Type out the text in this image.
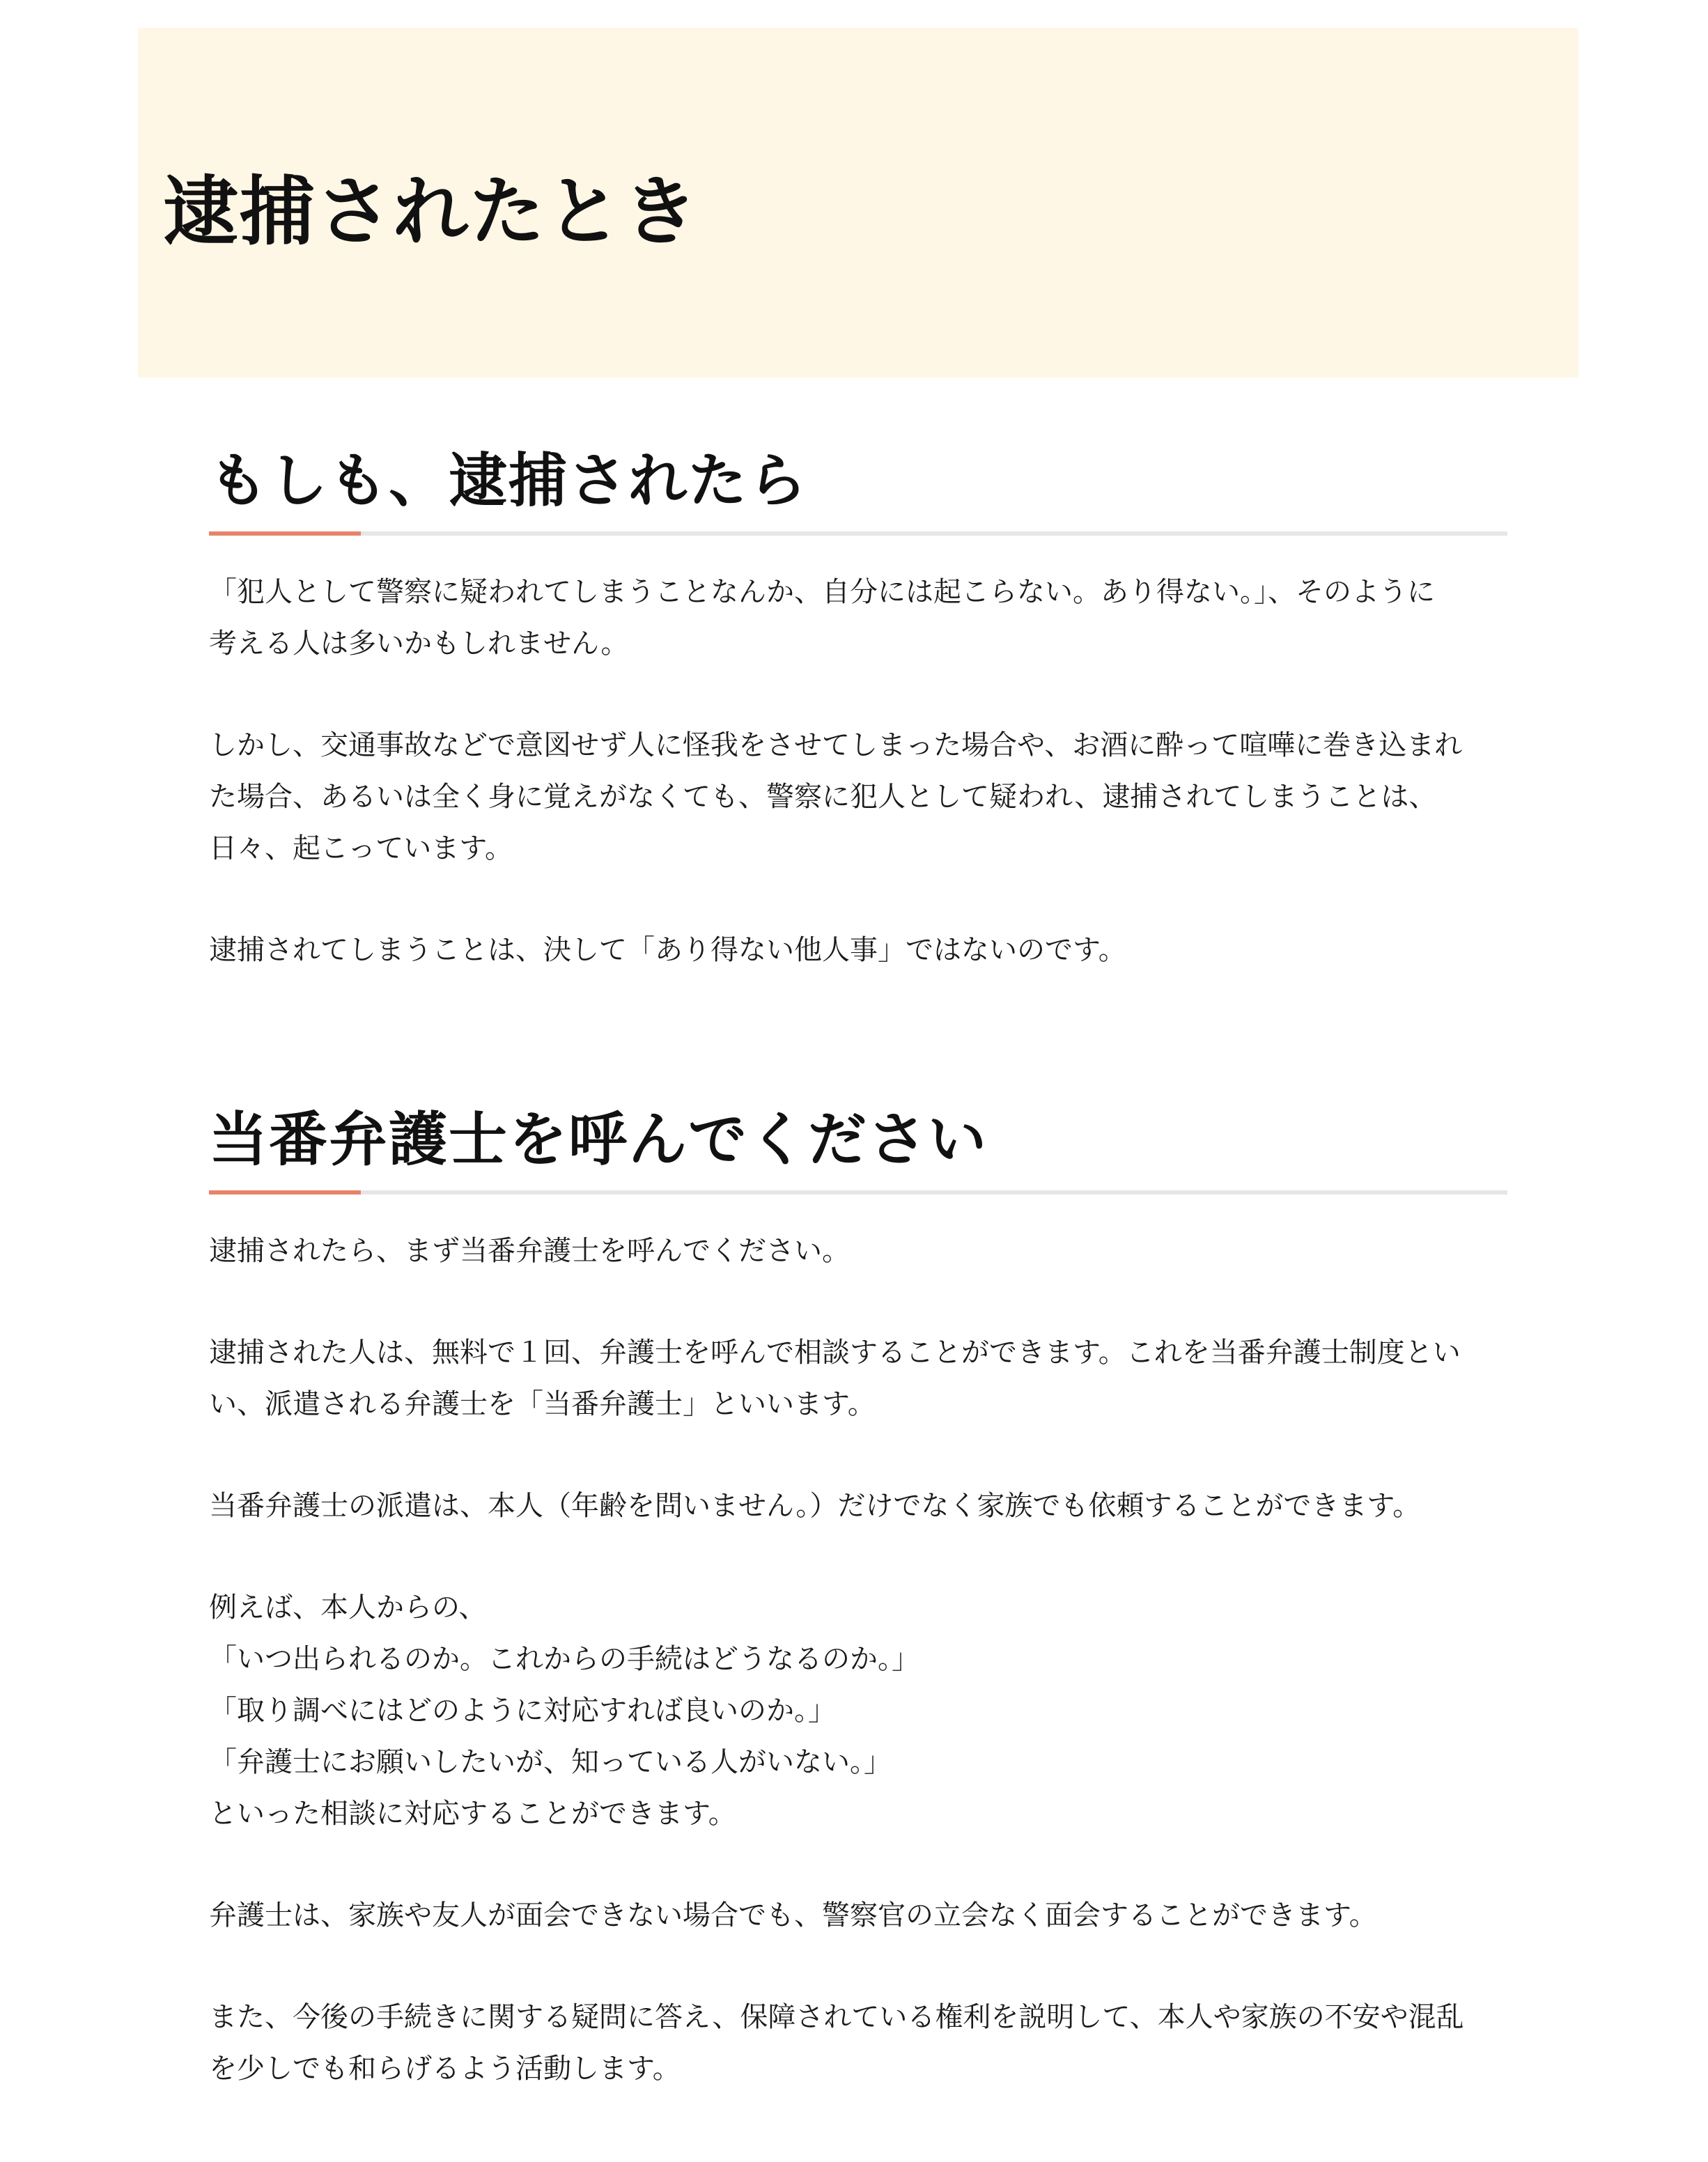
逮捕されたとき
もしも、逮捕されたら

「犯人として警察に疑われてしまうことなんか、自分には起こらない。あり得ない。」、そのように
考える人は多いかもしれません。

しかし、交通事故などで意図せず人に怪我をさせてしまった場合や、お酒に酔って喧嘩に巻き込まれ
た場合、あるいは全く身に覚えがなくても、警察に犯人として疑われ、逮捕されてしまうことは、
日々、起こっています。

逮捕されてしまうことは、決して「あり得ない他人事」ではないのです。

当番弁護士を呼んでください

逮捕されたら、まず当番弁護士を呼んでください。

逮捕された人は、無料で１回、弁護士を呼んで相談することができます。これを当番弁護士制度とい
い、派遣される弁護士を「当番弁護士」といいます。

当番弁護士の派遣は、本人（年齢を問いません。）だけでなく家族でも依頼することができます。

例えば、本人からの、
「いつ出られるのか。これからの手続はどうなるのか。」
「取り調べにはどのように対応すれば良いのか。」
「弁護士にお願いしたいが、知っている人がいない。」
といった相談に対応することができます。

弁護士は、家族や友人が面会できない場合でも、警察官の立会なく面会することができます。

また、今後の手続きに関する疑問に答え、保障されている権利を説明して、本人や家族の不安や混乱
を少しでも和らげるよう活動します。
